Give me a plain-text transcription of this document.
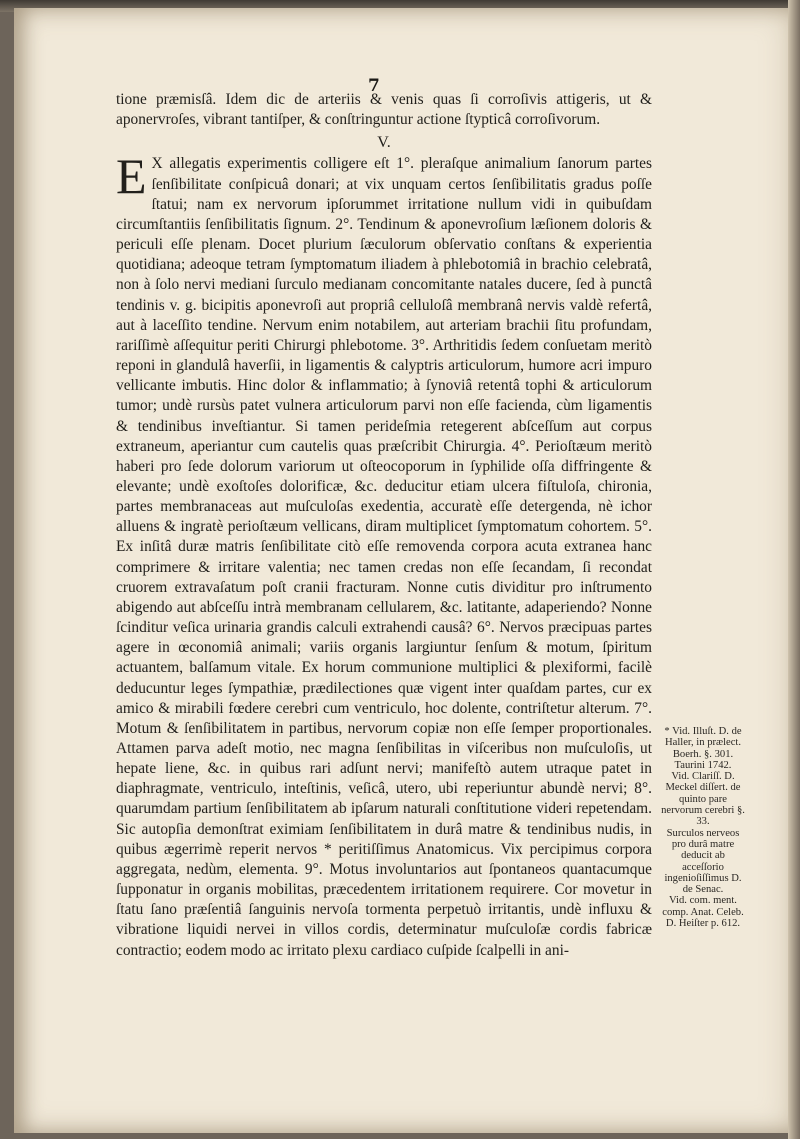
7

tione præmisſâ. Idem dic de arteriis & venis quas ſi corroſivis attigeris, ut & aponervroſes, vibrant tantiſper, & conſtringuntur actione ſtypticâ corroſivorum.

V.

E X allegatis experimentis colligere eſt 1°. pleraſque animalium ſanorum partes ſenſibilitate conſpicuâ donari; at vix unquam certos ſenſibilitatis gradus poſſe ſtatui; nam ex nervorum ipſorummet irritatione nullum vidi in quibuſdam circumſtantiis ſenſibilitatis ſignum. 2°. Tendinum & aponevroſium læſionem doloris & periculi eſſe plenam. Docet plurium ſæculorum obſervatio conſtans & experientia quotidiana; adeoque tetram ſymptomatum iliadem à phlebotomiâ in brachio celebratâ, non à ſolo nervi mediani ſurculo medianam concomitante natales ducere, ſed à punctâ tendinis v. g. bicipitis aponevroſi aut propriâ celluloſâ membranâ nervis valdè refertâ, aut à laceſſito tendine. Nervum enim notabilem, aut arteriam brachii ſitu profundam, rariſſimè aſſequitur periti Chirurgi phlebotome. 3°. Arthritidis ſedem conſuetam meritò reponi in glandulâ haverſii, in ligamentis & calyptris articulorum, humore acri impuro vellicante imbutis. Hinc dolor & inflammatio; à ſynoviâ retentâ tophi & articulorum tumor; undè rursùs patet vulnera articulorum parvi non eſſe facienda, cùm ligamentis & tendinibus inveſtiantur. Si tamen perideſmia retegerent abſceſſum aut corpus extraneum, aperiantur cum cautelis quas præſcribit Chirurgia. 4°. Perioſtæum meritò haberi pro ſede dolorum variorum ut oſteocoporum in ſyphilide oſſa diffringente & elevante; undè exoſtoſes dolorificæ, &c. deducitur etiam ulcera fiſtuloſa, chironia, partes membranaceas aut muſculoſas exedentia, accuratè eſſe detergenda, nè ichor alluens & ingratè perioſtæum vellicans, diram multiplicet ſymptomatum cohortem. 5°. Ex inſitâ duræ matris ſenſibilitate citò eſſe removenda corpora acuta extranea hanc comprimere & irritare valentia; nec tamen credas non eſſe ſecandam, ſi recondat cruorem extravaſatum poſt cranii fracturam. Nonne cutis dividitur pro inſtrumento abigendo aut abſceſſu intrà membranam cellularem, &c. latitante, adaperiendo? Nonne ſcinditur veſica urinaria grandis calculi extrahendi causâ? 6°. Nervos præcipuas partes agere in œconomiâ animali; variis organis largiuntur ſenſum & motum, ſpiritum actuantem, balſamum vitale. Ex horum communione multiplici & plexiformi, facilè deducuntur leges ſympathiæ, prædilectiones quæ vigent inter quaſdam partes, cur ex amico & mirabili fœdere cerebri cum ventriculo, hoc dolente, contriſtetur alterum. 7°. Motum & ſenſibilitatem in partibus, nervorum copiæ non eſſe ſemper proportionales. Attamen parva adeſt motio, nec magna ſenſibilitas in viſceribus non muſculoſis, ut hepate liene, &c. in quibus rari adſunt nervi; manifeſtò autem utraque patet in diaphragmate, ventriculo, inteſtinis, veſicâ, utero, ubi reperiuntur abundè nervi; 8°. quarumdam partium ſenſibilitatem ab ipſarum naturali conſtitutione videri repetendam. Sic autopſia demonſtrat eximiam ſenſibilitatem in durâ matre & tendinibus nudis, in quibus ægerrimè reperit nervos * peritiſſimus Anatomicus. Vix percipimus corpora aggregata, nedùm, elementa. 9°. Motus involuntarios aut ſpontaneos quantacumque ſupponatur in organis mobilitas, præcedentem irritationem requirere. Cor movetur in ſtatu ſano præſentiâ ſanguinis nervoſa tormenta perpetuò irritantis, undè influxu & vibratione liquidi nervei in villos cordis, determinatur muſculoſæ cordis fabricæ contractio; eodem modo ac irritato plexu cardiaco cuſpide ſcalpelli in ani-

* Vid. Illuſt. D. de Haller, in prælect. Boerh. §. 301. Taurini 1742.

Vid. Clariſſ. D. Meckel diſſert. de quinto pare nervorum cerebri §. 33.

Surculos nerveos pro durâ matre deducit ab acceſſorio ingenioſiſſimus D. de Senac.

Vid. com. ment. comp. Anat. Celeb. D. Heiſter p. 612.
